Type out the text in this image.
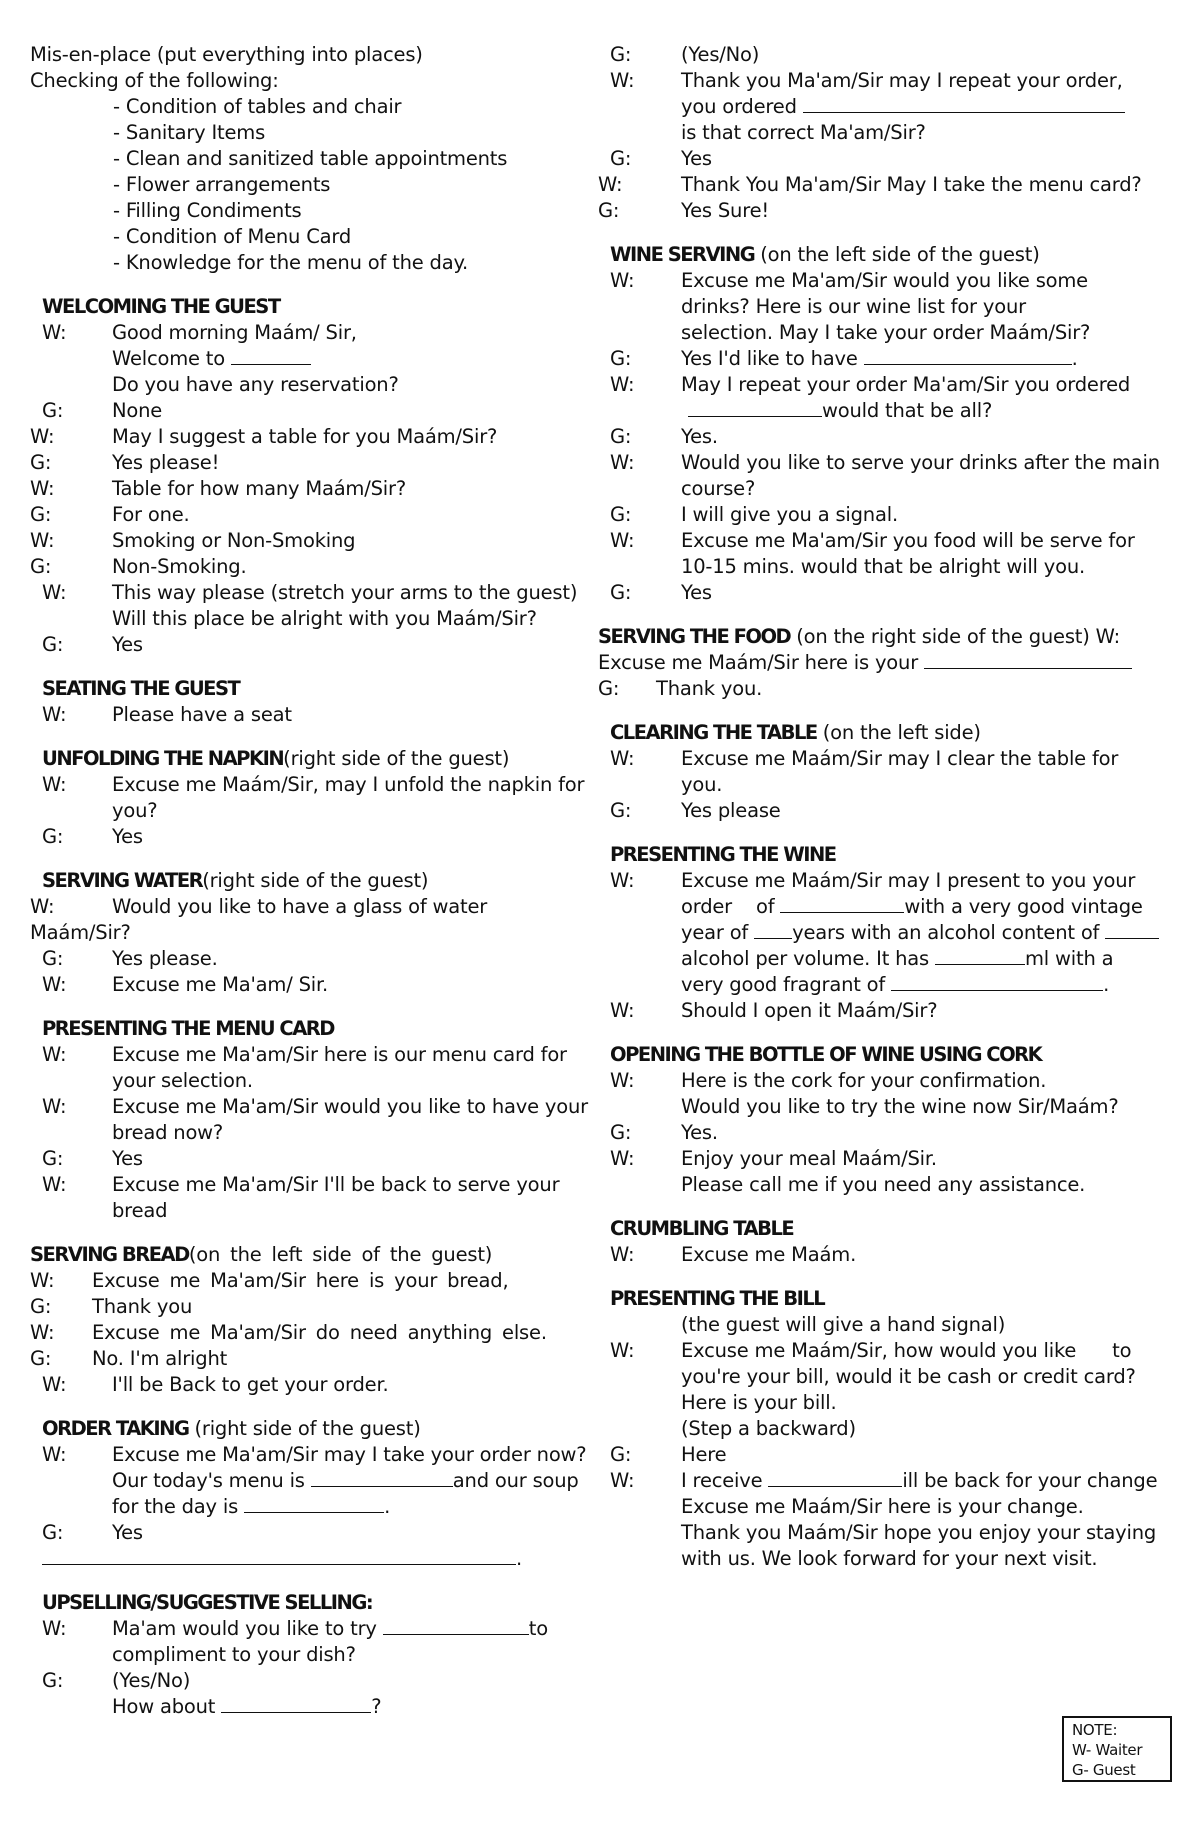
Mis-en-place (put everything into places)
Checking of the following:
- Condition of tables and chair
- Sanitary Items
- Clean and sanitized table appointments
- Flower arrangements
- Filling Condiments
- Condition of Menu Card
- Knowledge for the menu of the day.
WELCOMING THE GUEST
W: Good morning Maám/ Sir,
Welcome to
Do you have any reservation?
G: None
W:	May I suggest a table for you Maám/Sir?
G:	Yes please!
W:	Table for how many Maám/Sir?
G:	For one.
W:	Smoking or Non-Smoking
G:	Non-Smoking.
W: This way please (stretch your arms to the guest)
Will this place be alright with you Maám/Sir?
G: Yes
SEATING THE GUEST
W: Please have a seat
UNFOLDING THE NAPKIN(right side of the guest)
W: Excuse me Maám/Sir, may I unfold the napkin for
you?
G: Yes
SERVING WATER(right side of the guest)
W:	Would you like to have a glass of water
Maám/Sir?
G: Yes please.
W: Excuse me Ma'am/ Sir.
PRESENTING THE MENU CARD
W: Excuse me Ma'am/Sir here is our menu card for
your selection.
W: Excuse me Ma'am/Sir would you like to have your
bread now?
G: Yes
W: Excuse me Ma'am/Sir I'll be back to serve your
bread
SERVING BREAD(on the left side of the guest)
W: Excuse me Ma'am/Sir here is your bread,
G: Thank you
W: Excuse me Ma'am/Sir do need anything else.
G: No. I'm alright
W: I'll be Back to get your order.
ORDER TAKING (right side of the guest)
W: Excuse me Ma'am/Sir may I take your order now?
Our today's menu is	and our soup
for the day is	.
G: Yes
.
UPSELLING/SUGGESTIVE SELLING:
W: Ma'am would you like to try	to
compliment to your dish?
G: (Yes/No)
How about	?
G:	(Yes/No)
W: Thank you Ma'am/Sir may I repeat your order,
you ordered
is that correct Ma'am/Sir?
G:	Yes
W:	Thank You Ma'am/Sir May I take the menu card?
G:	Yes Sure!
WINE SERVING (on the left side of the guest)
W: Excuse me Ma'am/Sir would you like some
drinks? Here is our wine list for your
selection. May I take your order Maám/Sir?
G:	Yes I'd like to have	.
W: May I repeat your order Ma'am/Sir you ordered
would that be all?
G:	Yes.
W: Would you like to serve your drinks after the main
course?
G:	I will give you a signal.
W: Excuse me Ma'am/Sir you food will be serve for
10-15 mins. would that be alright will you.
G:	Yes
SERVING THE FOOD (on the right side of the guest) W:
Excuse me Maám/Sir here is your
G: Thank you.
CLEARING THE TABLE (on the left side)
W: Excuse me Maám/Sir may I clear the table for
you.
G:	Yes please
PRESENTING THE WINE
W: Excuse me Maám/Sir may I present to you your
order    of	with a very good vintage
year of years with an alcohol content of
alcohol per volume. It has	ml with a
very good fragrant of	.
W: Should I open it Maám/Sir?
OPENING THE BOTTLE OF WINE USING CORK
W: Here is the cork for your confirmation.
Would you like to try the wine now Sir/Maám?
G:	Yes.
W: Enjoy your meal Maám/Sir.
Please call me if you need any assistance.
CRUMBLING TABLE
W: Excuse me Maám.
PRESENTING THE BILL
(the guest will give a hand signal)
W: Excuse me Maám/Sir, how would you like      to
you're your bill, would it be cash or credit card?
Here is your bill.
(Step a backward)
G:	Here
W: I receive	ill be back for your change
Excuse me Maám/Sir here is your change.
Thank you Maám/Sir hope you enjoy your staying
with us. We look forward for your next visit.
NOTE:
W- Waiter
G- Guest
